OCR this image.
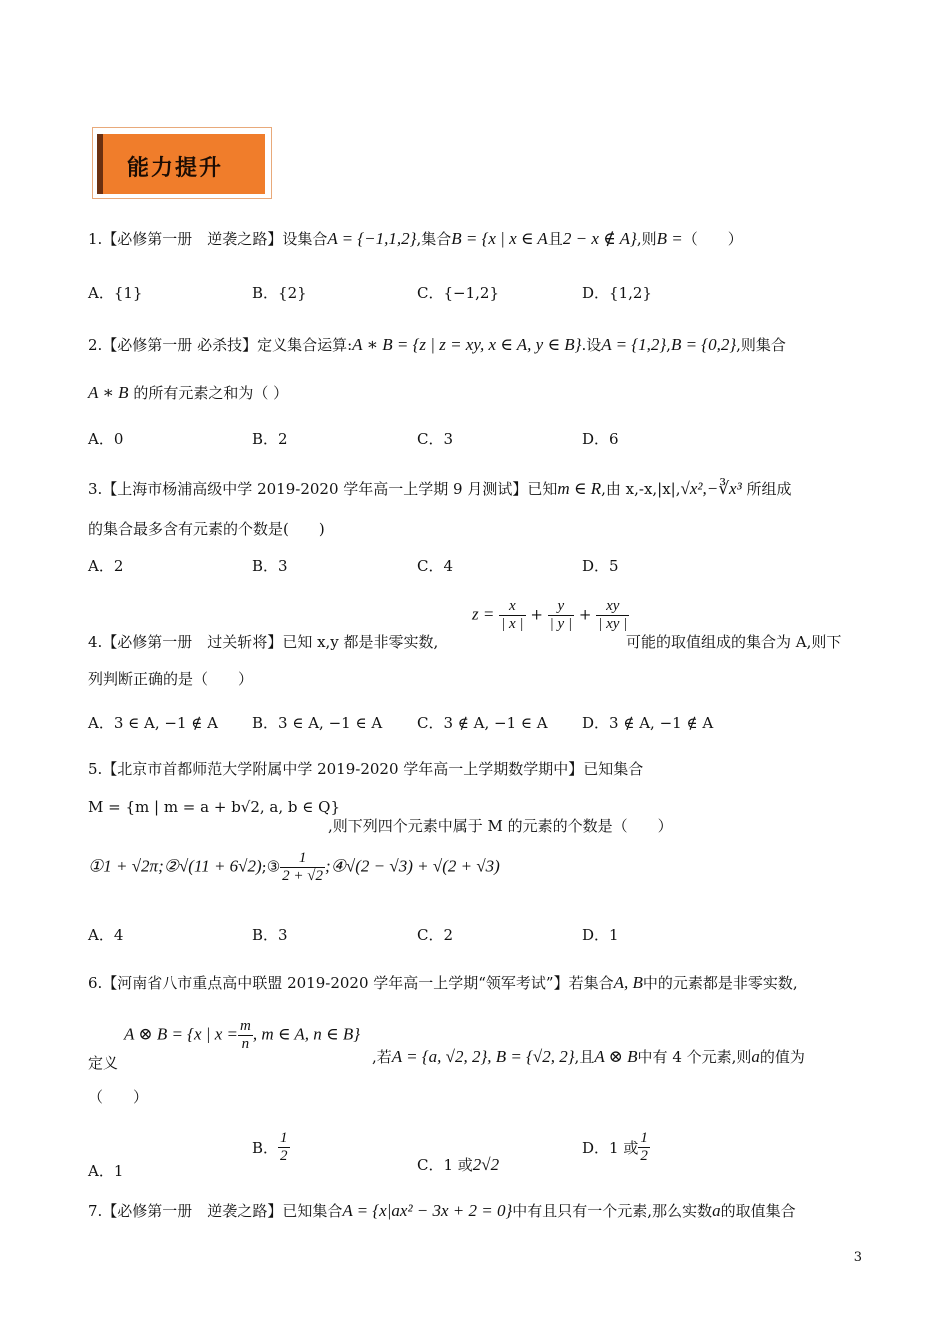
能力提升
1.【必修第一册　逆袭之路】设集合A = {−1,1,2},集合B = {x | x ∈ A且2 − x ∉ A},则B =（　　）
A．{1}	B．{2}	C．{−1,2}	D．{1,2}
2.【必修第一册 必杀技】定义集合运算:A ∗ B = {z | z = xy, x ∈ A, y ∈ B}.设A = {1,2},B = {0,2},则集合
A ∗ B 的所有元素之和为（ ）
A．0	B．2	C．3	D．6
3.【上海市杨浦高级中学 2019-2020 学年高一上学期 9 月测试】已知m ∈ R,由 x,-x,|x|,√x²,−∛x³ 所组成
的集合最多含有元素的个数是(　　)
A．2	B．3	C．4	D．5
$z = \frac{x}{| x |} + \frac{y}{| y |} + \frac{xy}{| xy |}$
4.【必修第一册　过关斩将】已知 x,y 都是非零实数,	可能的取值组成的集合为 A,则下
列判断正确的是（　　）
A．3 ∈ A, −1 ∉ A B．3 ∈ A, −1 ∈ A C．3 ∉ A, −1 ∈ A D．3 ∉ A, −1 ∉ A
5.【北京市首都师范大学附属中学 2019-2020 学年高一上学期数学期中】已知集合
M = {m | m = a + b√2, a, b ∈ Q}
,则下列四个元素中属于 M 的元素的个数是（　　）
①1 + √2π;②√(11 + 6√2);③ $\frac{1}{2 + √2}$ ;④√(2 − √3) + √(2 + √3)
A．4	B．3	C．2	D．1
6.【河南省八市重点高中联盟 2019-2020 学年高一上学期“领军考试”】若集合A, B中的元素都是非零实数,
A ⊗ B = {x | $x = \frac{m}{n}$ , m ∈ A, n ∈ B}
定义	,若A = {a, √2, 2}, B = {√2, 2},且A ⊗ B中有 4 个元素,则a的值为
（　　）
A．1
B． $\frac{1}{2}$	C．1 或2√2
D．1 或 $\frac{1}{2}$
7.【必修第一册　逆袭之路】已知集合A = {x|ax² − 3x + 2 = 0}中有且只有一个元素,那么实数a的取值集合
3
